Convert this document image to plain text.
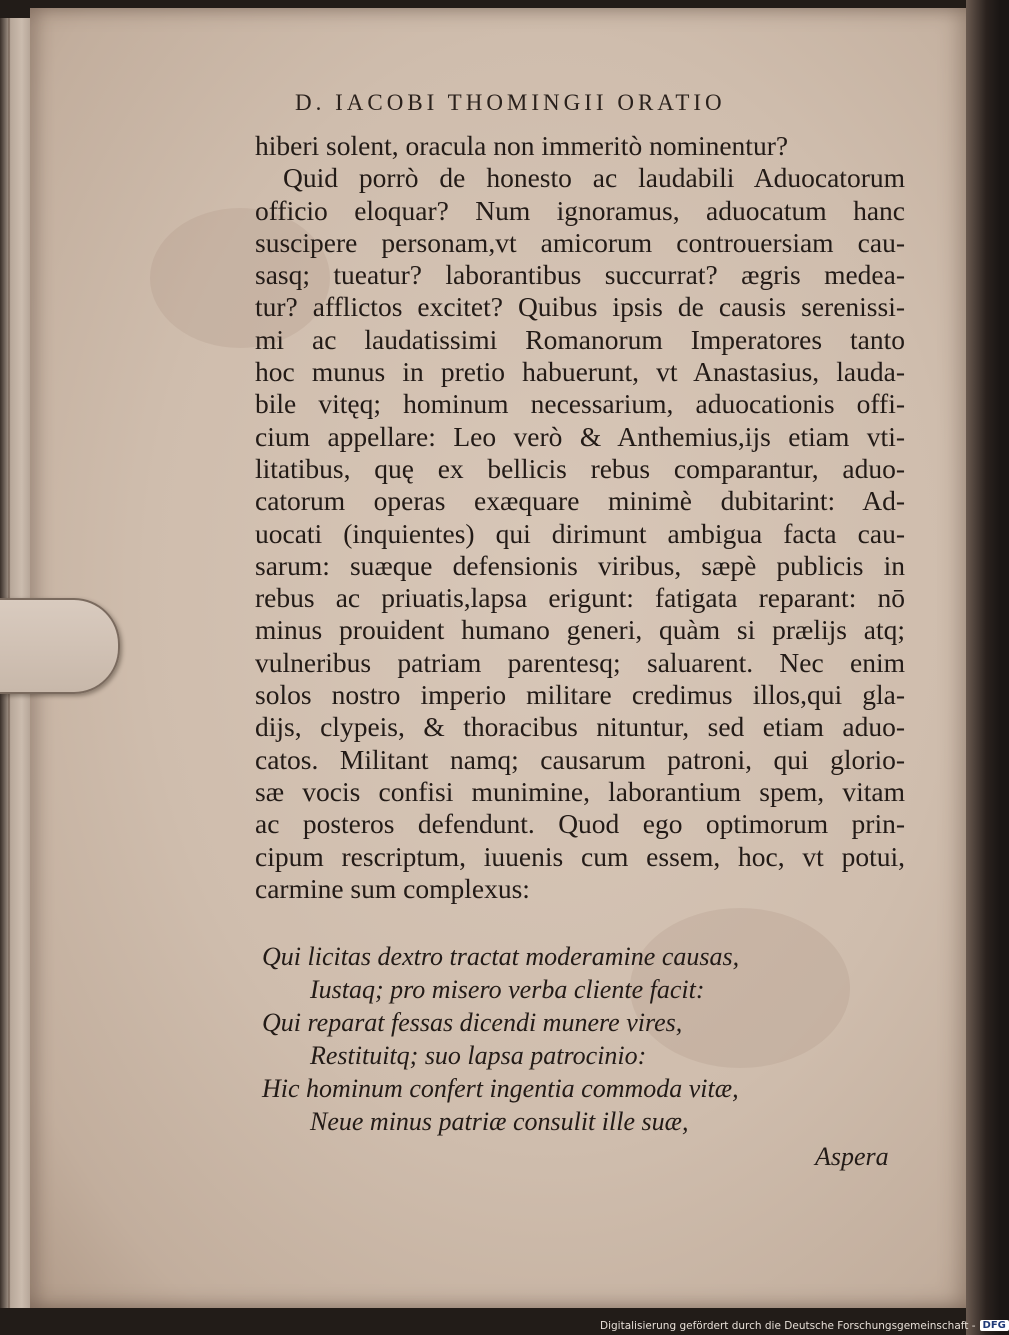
D. IACOBI THOMINGII ORATIO
hiberi solent, oracula non immeritò nominentur?
Quid porrò de honesto ac laudabili Aduocatorum
officio eloquar? Num ignoramus, aduocatum hanc
suscipere personam,vt amicorum controuersiam cau-
sasq; tueatur? laborantibus succurrat? ægris medea-
tur? afflictos excitet? Quibus ipsis de causis serenissi-
mi ac laudatissimi Romanorum Imperatores tanto
hoc munus in pretio habuerunt, vt Anastasius, lauda-
bile vitęq; hominum necessarium, aduocationis offi-
cium appellare: Leo verò & Anthemius,ijs etiam vti-
litatibus, quę ex bellicis rebus comparantur, aduo-
catorum operas exæquare minimè dubitarint: Ad-
uocati (inquientes) qui dirimunt ambigua facta cau-
sarum: suæque defensionis viribus, sæpè publicis in
rebus ac priuatis,lapsa erigunt: fatigata reparant: nō
minus prouident humano generi, quàm si prælijs atq;
vulneribus patriam parentesq; saluarent. Nec enim
solos nostro imperio militare credimus illos,qui gla-
dijs, clypeis, & thoracibus nituntur, sed etiam aduo-
catos. Militant namq; causarum patroni, qui glorio-
sæ vocis confisi munimine, laborantium spem, vitam
ac posteros defendunt. Quod ego optimorum prin-
cipum rescriptum, iuuenis cum essem, hoc, vt potui,
carmine sum complexus:
Qui licitas dextro tractat moderamine causas,
Iustaq; pro misero verba cliente facit:
Qui reparat fessas dicendi munere vires,
Restituitq; suo lapsa patrocinio:
Hic hominum confert ingentia commoda vitæ,
Neue minus patriæ consulit ille suæ,
Aspera
Digitalisierung gefördert durch die Deutsche Forschungsgemeinschaft - DFG
